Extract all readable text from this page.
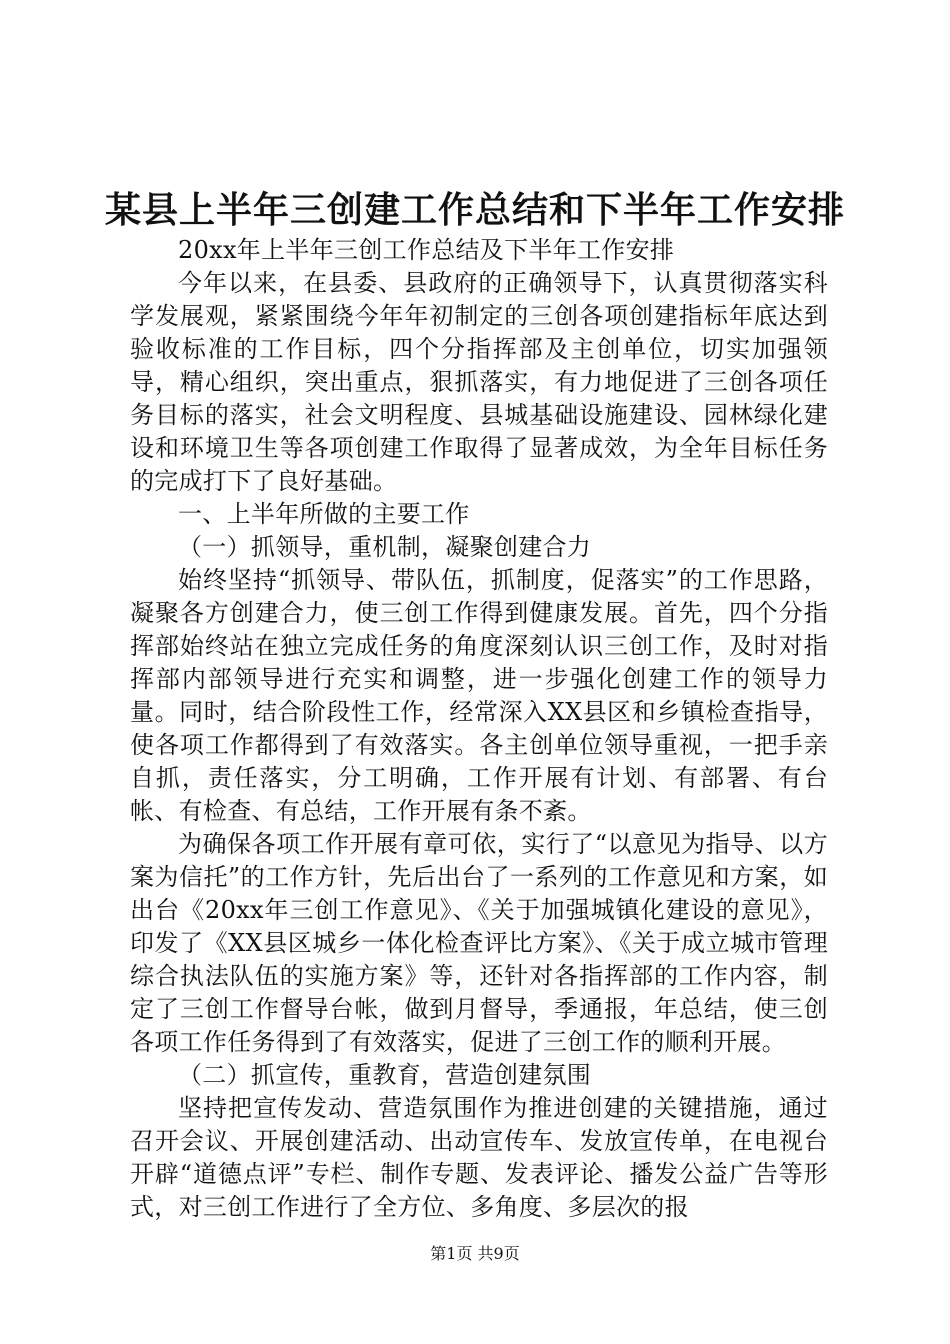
某县上半年三创建工作总结和下半年工作安排

20xx年上半年三创工作总结及下半年工作安排

今年以来，在县委、县政府的正确领导下，认真贯彻落实科学发展观，紧紧围绕今年年初制定的三创各项创建指标年底达到验收标准的工作目标，四个分指挥部及主创单位，切实加强领导，精心组织，突出重点，狠抓落实，有力地促进了三创各项任务目标的落实，社会文明程度、县城基础设施建设、园林绿化建设和环境卫生等各项创建工作取得了显著成效，为全年目标任务的完成打下了良好基础。

一、上半年所做的主要工作

（一）抓领导，重机制，凝聚创建合力

始终坚持“抓领导、带队伍，抓制度，促落实”的工作思路，凝聚各方创建合力，使三创工作得到健康发展。首先，四个分指挥部始终站在独立完成任务的角度深刻认识三创工作，及时对指挥部内部领导进行充实和调整，进一步强化创建工作的领导力量。同时，结合阶段性工作，经常深入XX县区和乡镇检查指导，使各项工作都得到了有效落实。各主创单位领导重视，一把手亲自抓，责任落实，分工明确，工作开展有计划、有部署、有台帐、有检查、有总结，工作开展有条不紊。

为确保各项工作开展有章可依，实行了“以意见为指导、以方案为信托”的工作方针，先后出台了一系列的工作意见和方案，如出台《20xx年三创工作意见》、《关于加强城镇化建设的意见》，印发了《XX县区城乡一体化检查评比方案》、《关于成立城市管理综合执法队伍的实施方案》等，还针对各指挥部的工作内容，制定了三创工作督导台帐，做到月督导，季通报，年总结，使三创各项工作任务得到了有效落实，促进了三创工作的顺利开展。

（二）抓宣传，重教育，营造创建氛围

坚持把宣传发动、营造氛围作为推进创建的关键措施，通过召开会议、开展创建活动、出动宣传车、发放宣传单，在电视台开辟“道德点评”专栏、制作专题、发表评论、播发公益广告等形式，对三创工作进行了全方位、多角度、多层次的报

第1页 共9页
